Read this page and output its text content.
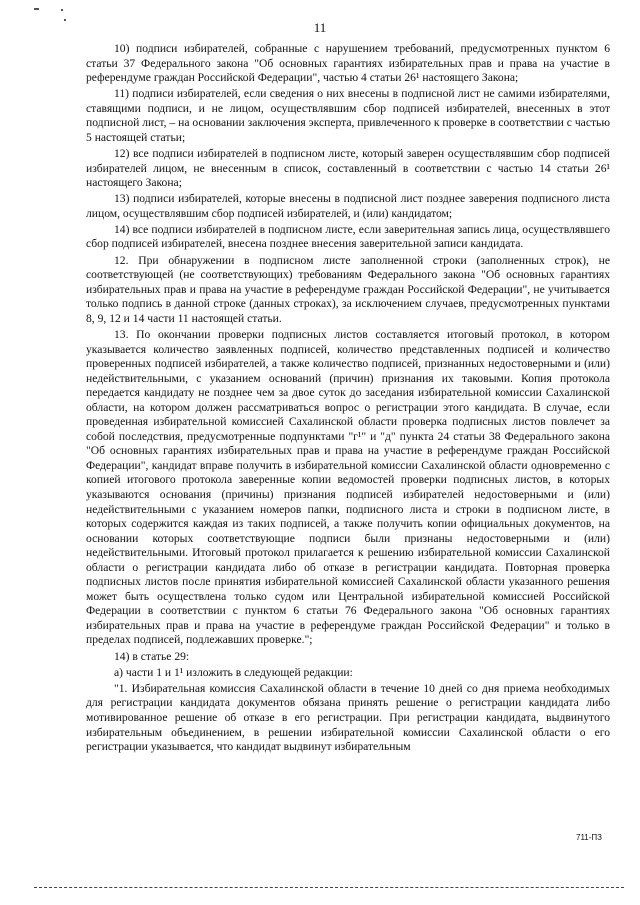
11

10) подписи избирателей, собранные с нарушением требований, предусмотренных пунктом 6 статьи 37 Федерального закона "Об основных гарантиях избирательных прав и права на участие в референдуме граждан Российской Федерации", частью 4 статьи 26¹ настоящего Закона;

11) подписи избирателей, если сведения о них внесены в подписной лист не самими избирателями, ставящими подписи, и не лицом, осуществлявшим сбор подписей избирателей, внесенных в этот подписной лист, – на основании заключения эксперта, привлеченного к проверке в соответствии с частью 5 настоящей статьи;

12) все подписи избирателей в подписном листе, который заверен осуществлявшим сбор подписей избирателей лицом, не внесенным в список, составленный в соответствии с частью 14 статьи 26¹ настоящего Закона;

13) подписи избирателей, которые внесены в подписной лист позднее заверения подписного листа лицом, осуществлявшим сбор подписей избирателей, и (или) кандидатом;

14) все подписи избирателей в подписном листе, если заверительная запись лица, осуществлявшего сбор подписей избирателей, внесена позднее внесения заверительной записи кандидата.

12. При обнаружении в подписном листе заполненной строки (заполненных строк), не соответствующей (не соответствующих) требованиям Федерального закона "Об основных гарантиях избирательных прав и права на участие в референдуме граждан Российской Федерации", не учитывается только подпись в данной строке (данных строках), за исключением случаев, предусмотренных пунктами 8, 9, 12 и 14 части 11 настоящей статьи.

13. По окончании проверки подписных листов составляется итоговый протокол, в котором указывается количество заявленных подписей, количество представленных подписей и количество проверенных подписей избирателей, а также количество подписей, признанных недостоверными и (или) недействительными, с указанием оснований (причин) признания их таковыми. Копия протокола передается кандидату не позднее чем за двое суток до заседания избирательной комиссии Сахалинской области, на котором должен рассматриваться вопрос о регистрации этого кандидата. В случае, если проведенная избирательной комиссией Сахалинской области проверка подписных листов повлечет за собой последствия, предусмотренные подпунктами "г¹" и "д" пункта 24 статьи 38 Федерального закона "Об основных гарантиях избирательных прав и права на участие в референдуме граждан Российской Федерации", кандидат вправе получить в избирательной комиссии Сахалинской области одновременно с копией итогового протокола заверенные копии ведомостей проверки подписных листов, в которых указываются основания (причины) признания подписей избирателей недостоверными и (или) недействительными с указанием номеров папки, подписного листа и строки в подписном листе, в которых содержится каждая из таких подписей, а также получить копии официальных документов, на основании которых соответствующие подписи были признаны недостоверными и (или) недействительными. Итоговый протокол прилагается к решению избирательной комиссии Сахалинской области о регистрации кандидата либо об отказе в регистрации кандидата. Повторная проверка подписных листов после принятия избирательной комиссией Сахалинской области указанного решения может быть осуществлена только судом или Центральной избирательной комиссией Российской Федерации в соответствии с пунктом 6 статьи 76 Федерального закона "Об основных гарантиях избирательных прав и права на участие в референдуме граждан Российской Федерации" и только в пределах подписей, подлежавших проверке.";

14) в статье 29:

а) части 1 и 1¹ изложить в следующей редакции:

"1. Избирательная комиссия Сахалинской области в течение 10 дней со дня приема необходимых для регистрации кандидата документов обязана принять решение о регистрации кандидата либо мотивированное решение об отказе в его регистрации. При регистрации кандидата, выдвинутого избирательным объединением, в решении избирательной комиссии Сахалинской области о его регистрации указывается, что кандидат выдвинут избирательным

711-ПЗ
